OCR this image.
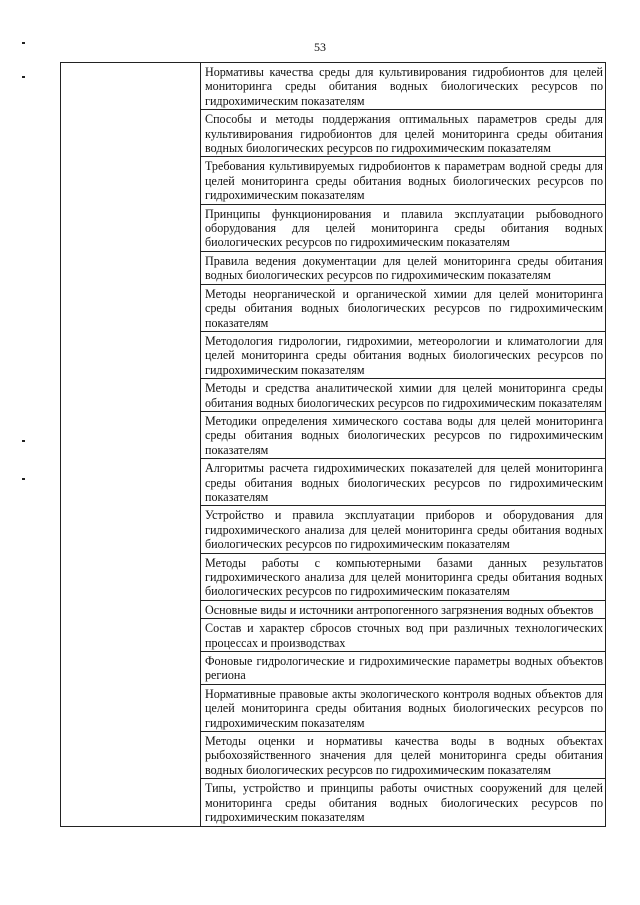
53
	Нормативы качества среды для культивирования гидробионтов для целей мониторинга среды обитания водных биологических ресурсов по гидрохимическим показателям
Способы и методы поддержания оптимальных параметров среды для культивирования гидробионтов для целей мониторинга среды обитания водных биологических ресурсов по гидрохимическим показателям
Требования культивируемых гидробионтов к параметрам водной среды для целей мониторинга среды обитания водных биологических ресурсов по гидрохимическим показателям
Принципы функционирования и плавила эксплуатации рыбоводного оборудования для целей мониторинга среды обитания водных биологических ресурсов по гидрохимическим показателям
Правила ведения документации для целей мониторинга среды обитания водных биологических ресурсов по гидрохимическим показателям
Методы неорганической и органической химии для целей мониторинга среды обитания водных биологических ресурсов по гидрохимическим показателям
Методология гидрологии, гидрохимии, метеорологии и климатологии для целей мониторинга среды обитания водных биологических ресурсов по гидрохимическим показателям
Методы и средства аналитической химии для целей мониторинга среды обитания водных биологических ресурсов по гидрохимическим показателям
Методики определения химического состава воды для целей мониторинга среды обитания водных биологических ресурсов по гидрохимическим показателям
Алгоритмы расчета гидрохимических показателей для целей мониторинга среды обитания водных биологических ресурсов по гидрохимическим показателям
Устройство и правила эксплуатации приборов и оборудования для гидрохимического анализа для целей мониторинга среды обитания водных биологических ресурсов по гидрохимическим показателям
Методы работы с компьютерными базами данных результатов гидрохимического анализа для целей мониторинга среды обитания водных биологических ресурсов по гидрохимическим показателям
Основные виды и источники антропогенного загрязнения водных объектов
Состав и характер сбросов сточных вод при различных технологических процессах и производствах
Фоновые гидрологические и гидрохимические параметры водных объектов региона
Нормативные правовые акты экологического контроля водных объектов для целей мониторинга среды обитания водных биологических ресурсов по гидрохимическим показателям
Методы оценки и нормативы качества воды в водных объектах рыбохозяйственного значения для целей мониторинга среды обитания водных биологических ресурсов по гидрохимическим показателям
Типы, устройство и принципы работы очистных сооружений для целей мониторинга среды обитания водных биологических ресурсов по гидрохимическим показателям
